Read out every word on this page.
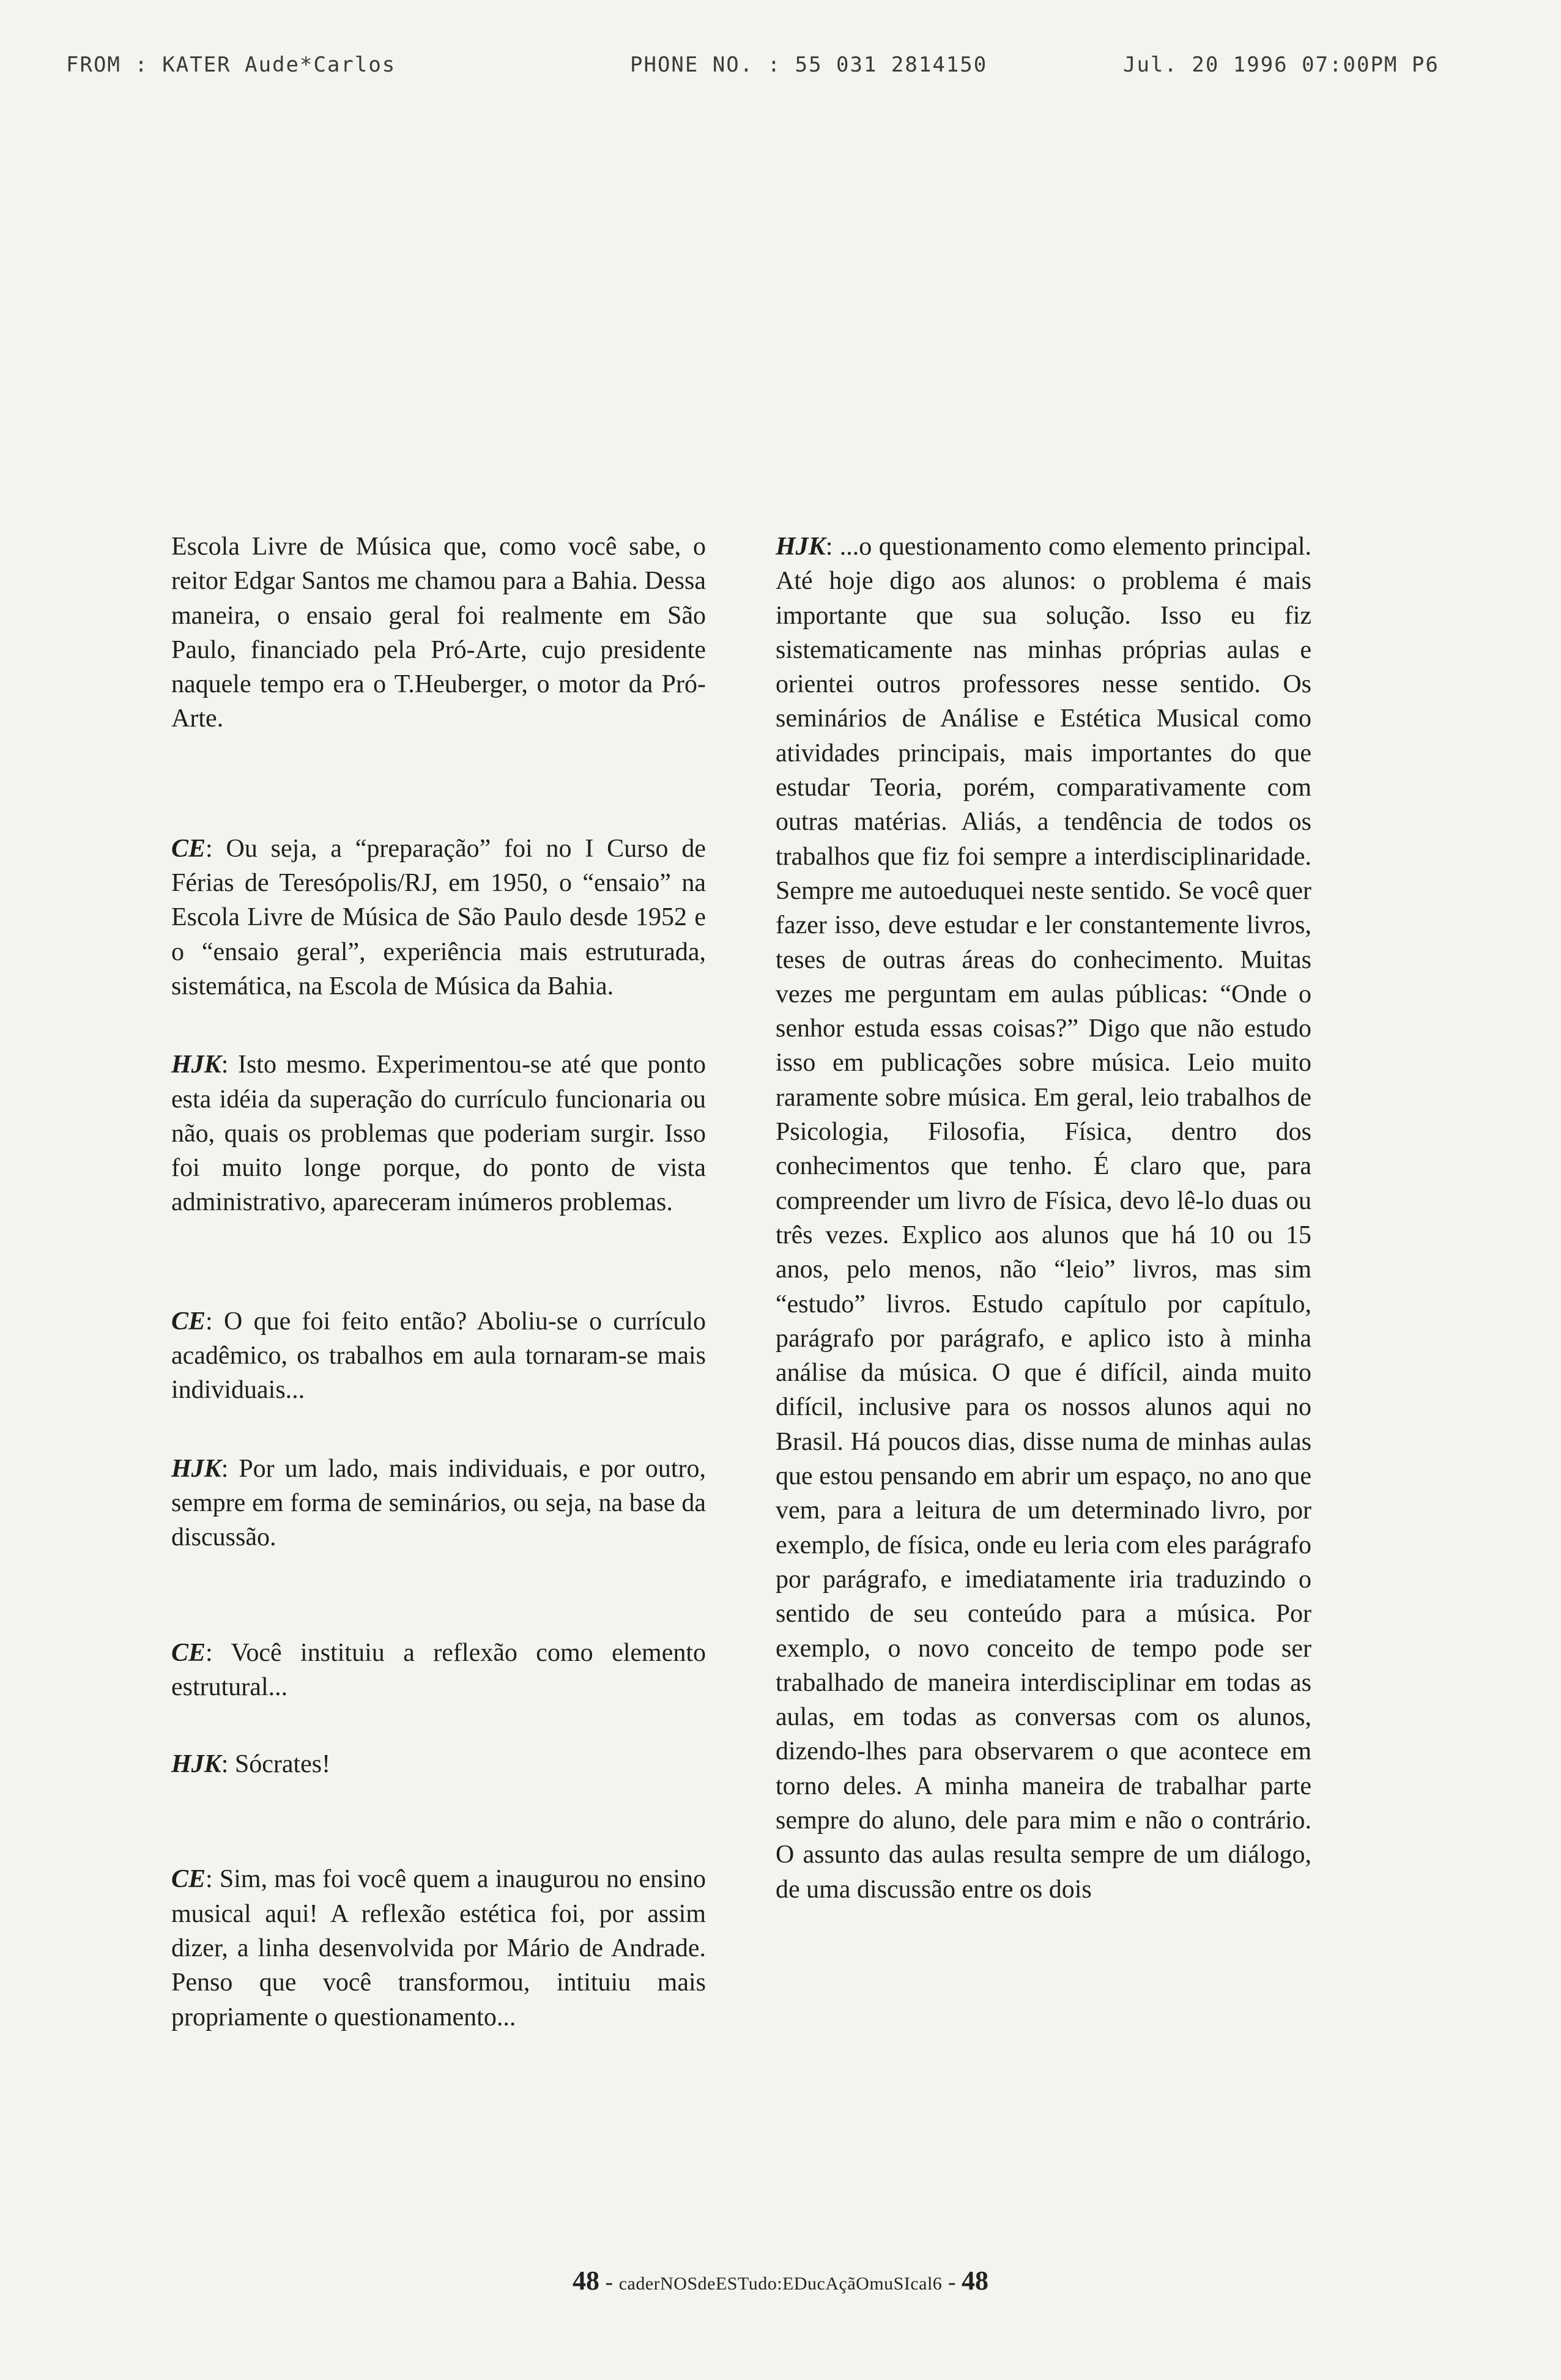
FROM : KATER Aude*Carlos	PHONE NO. : 55 031 2814150	Jul. 20 1996 07:00PM P6

Escola Livre de Música que, como você sabe, o reitor Edgar Santos me chamou para a Bahia. Dessa maneira, o ensaio geral foi realmente em São Paulo, financiado pela Pró-Arte, cujo presidente naquele tempo era o T.Heuberger, o motor da Pró-Arte.

CE: Ou seja, a “preparação” foi no I Curso de Férias de Teresópolis/RJ, em 1950, o “ensaio” na Escola Livre de Música de São Paulo desde 1952 e o “ensaio geral”, experiência mais estruturada, sistemática, na Escola de Música da Bahia.

HJK: Isto mesmo. Experimentou-se até que ponto esta idéia da superação do currículo funcionaria ou não, quais os problemas que poderiam surgir. Isso foi muito longe porque, do ponto de vista administrativo, apareceram inúmeros problemas.

CE: O que foi feito então? Aboliu-se o currículo acadêmico, os trabalhos em aula tornaram-se mais individuais...

HJK: Por um lado, mais individuais, e por outro, sempre em forma de seminários, ou seja, na base da discussão.

CE: Você instituiu a reflexão como elemento estrutural...

HJK: Sócrates!

CE: Sim, mas foi você quem a inaugurou no ensino musical aqui! A reflexão estética foi, por assim dizer, a linha desenvolvida por Mário de Andrade. Penso que você transformou, intituiu mais propriamente o questionamento...

HJK: ...o questionamento como elemento principal. Até hoje digo aos alunos: o problema é mais importante que sua solução. Isso eu fiz sistematicamente nas minhas próprias aulas e orientei outros professores nesse sentido. Os seminários de Análise e Estética Musical como atividades principais, mais importantes do que estudar Teoria, porém, comparativamente com outras matérias. Aliás, a tendência de todos os trabalhos que fiz foi sempre a interdisciplinaridade. Sempre me autoeduquei neste sentido. Se você quer fazer isso, deve estudar e ler constantemente livros, teses de outras áreas do conhecimento. Muitas vezes me perguntam em aulas públicas: “Onde o senhor estuda essas coisas?” Digo que não estudo isso em publicações sobre música. Leio muito raramente sobre música. Em geral, leio trabalhos de Psicologia, Filosofia, Física, dentro dos conhecimentos que tenho. É claro que, para compreender um livro de Física, devo lê-lo duas ou três vezes. Explico aos alunos que há 10 ou 15 anos, pelo menos, não “leio” livros, mas sim “estudo” livros. Estudo capítulo por capítulo, parágrafo por parágrafo, e aplico isto à minha análise da música. O que é difícil, ainda muito difícil, inclusive para os nossos alunos aqui no Brasil. Há poucos dias, disse numa de minhas aulas que estou pensando em abrir um espaço, no ano que vem, para a leitura de um determinado livro, por exemplo, de física, onde eu leria com eles parágrafo por parágrafo, e imediatamente iria traduzindo o sentido de seu conteúdo para a música. Por exemplo, o novo conceito de tempo pode ser trabalhado de maneira interdisciplinar em todas as aulas, em todas as conversas com os alunos, dizendo-lhes para observarem o que acontece em torno deles. A minha maneira de trabalhar parte sempre do aluno, dele para mim e não o contrário. O assunto das aulas resulta sempre de um diálogo, de uma discussão entre os dois

48 - caderNOSdeESTudo:EDucAçãOmuSIcal6 - 48
